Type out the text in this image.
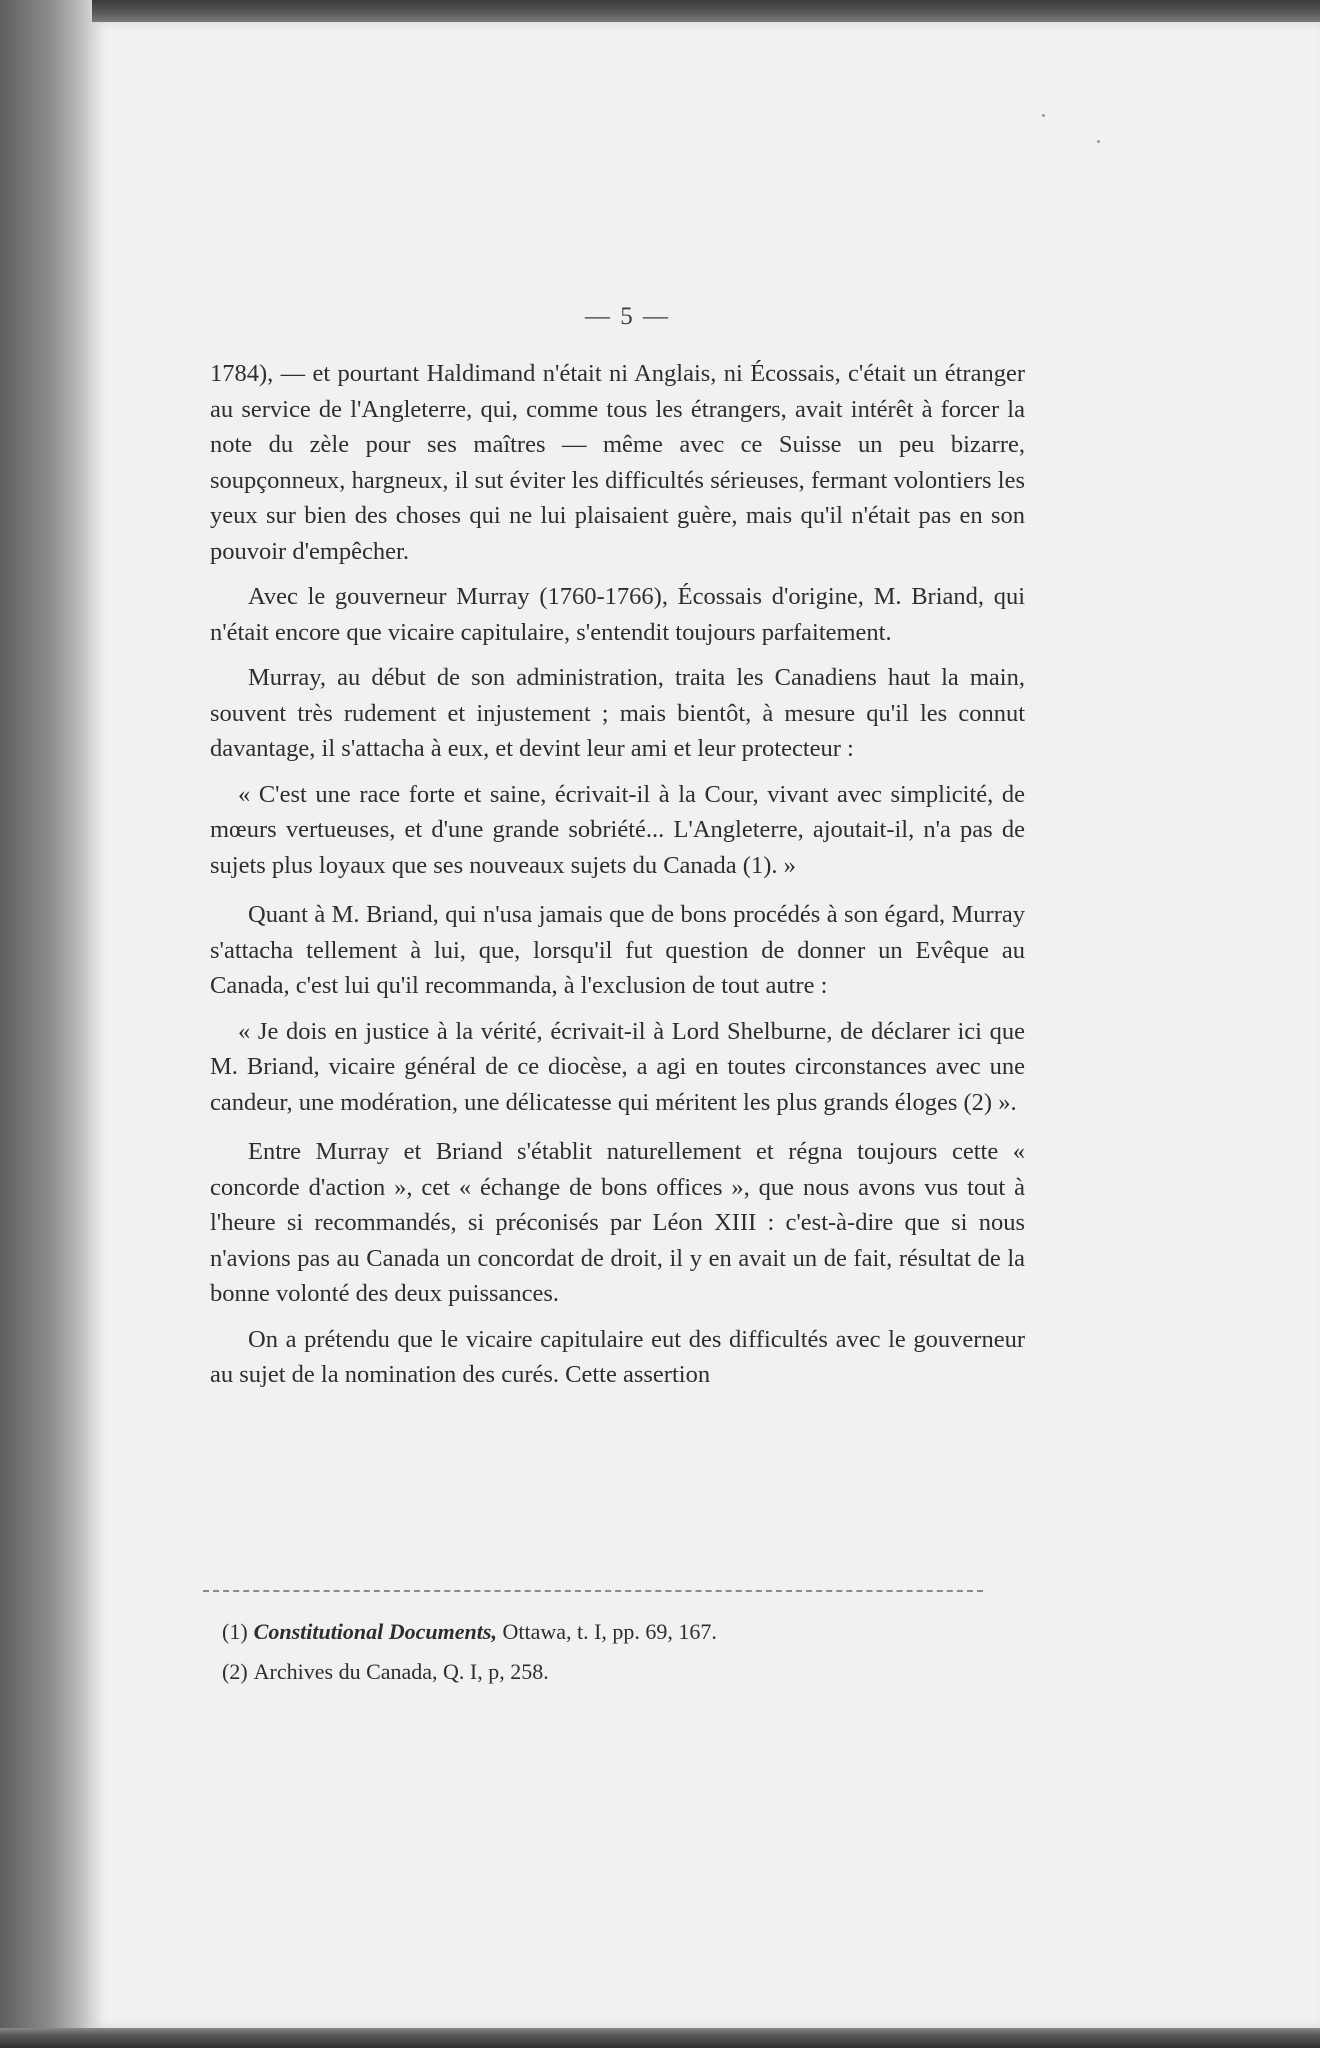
— 5 —

1784), — et pourtant Haldimand n'était ni Anglais, ni Écossais, c'était un étranger au service de l'Angleterre, qui, comme tous les étrangers, avait intérêt à forcer la note du zèle pour ses maîtres — même avec ce Suisse un peu bizarre, soupçonneux, hargneux, il sut éviter les difficultés sérieuses, fermant volontiers les yeux sur bien des choses qui ne lui plaisaient guère, mais qu'il n'était pas en son pouvoir d'empêcher.

Avec le gouverneur Murray (1760-1766), Écossais d'origine, M. Briand, qui n'était encore que vicaire capitulaire, s'entendit toujours parfaitement.

Murray, au début de son administration, traita les Canadiens haut la main, souvent très rudement et injustement ; mais bientôt, à mesure qu'il les connut davantage, il s'attacha à eux, et devint leur ami et leur protecteur :

« C'est une race forte et saine, écrivait-il à la Cour, vivant avec simplicité, de mœurs vertueuses, et d'une grande sobriété... L'Angleterre, ajoutait-il, n'a pas de sujets plus loyaux que ses nouveaux sujets du Canada (1). »

Quant à M. Briand, qui n'usa jamais que de bons procédés à son égard, Murray s'attacha tellement à lui, que, lorsqu'il fut question de donner un Evêque au Canada, c'est lui qu'il recommanda, à l'exclusion de tout autre :

« Je dois en justice à la vérité, écrivait-il à Lord Shelburne, de déclarer ici que M. Briand, vicaire général de ce diocèse, a agi en toutes circonstances avec une candeur, une modération, une délicatesse qui méritent les plus grands éloges (2) ».

Entre Murray et Briand s'établit naturellement et régna toujours cette « concorde d'action », cet « échange de bons offices », que nous avons vus tout à l'heure si recommandés, si préconisés par Léon XIII : c'est-à-dire que si nous n'avions pas au Canada un concordat de droit, il y en avait un de fait, résultat de la bonne volonté des deux puissances.

On a prétendu que le vicaire capitulaire eut des difficultés avec le gouverneur au sujet de la nomination des curés. Cette assertion

(1) Constitutional Documents, Ottawa, t. I, pp. 69, 167.

(2) Archives du Canada, Q. I, p, 258.
